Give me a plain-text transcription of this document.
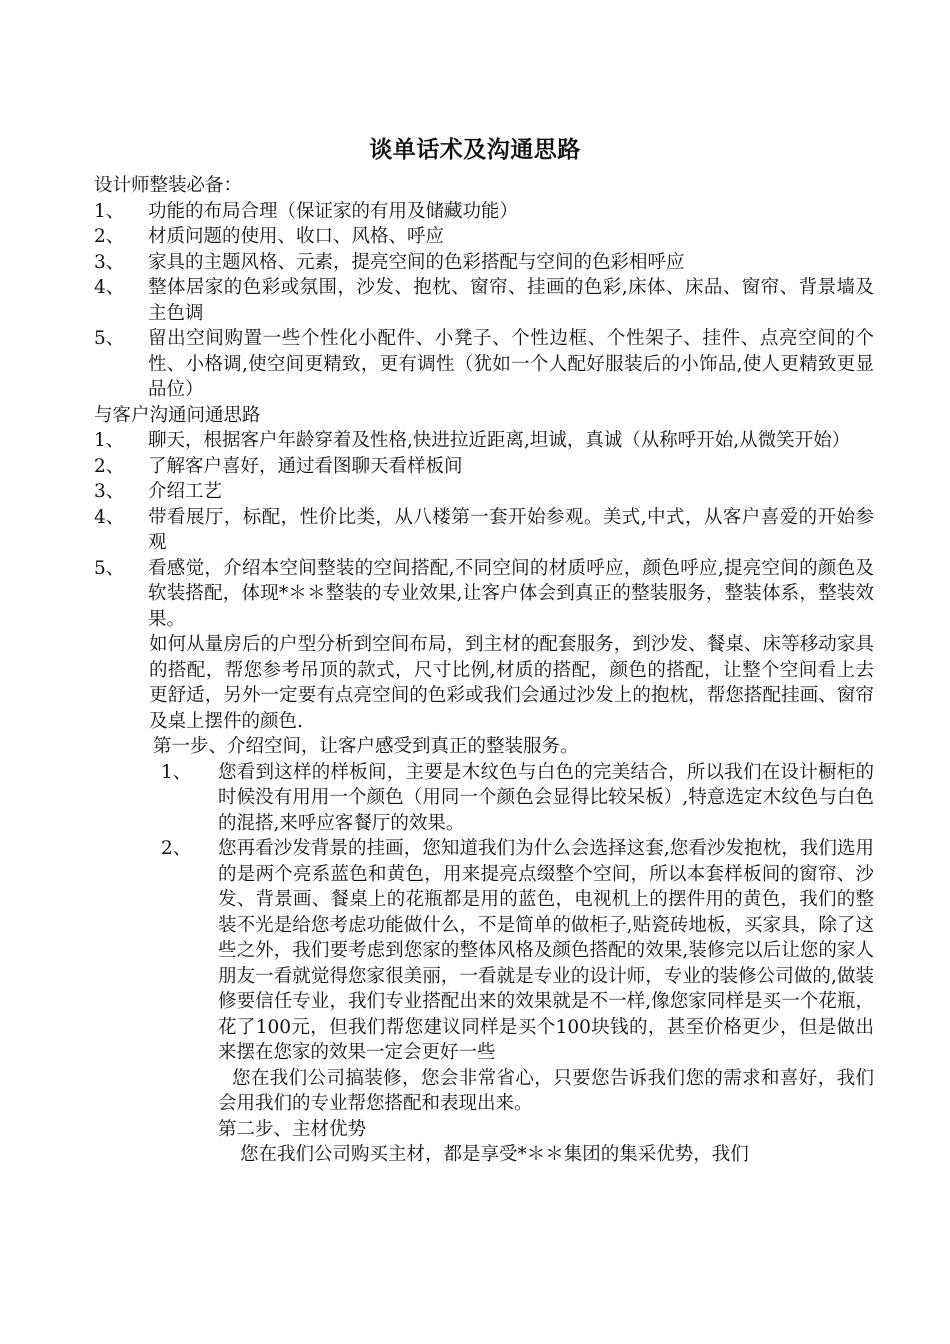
谈单话术及沟通思路

设计师整装必备：

1、	功能的布局合理（保证家的有用及储藏功能）
2、	材质问题的使用、收口、风格、呼应
3、	家具的主题风格、元素，提亮空间的色彩搭配与空间的色彩相呼应
4、	整体居家的色彩或氛围，沙发、抱枕、窗帘、挂画的色彩,床体、床品、窗帘、背景墙及主色调
5、	留出空间购置一些个性化小配件、小凳子、个性边框、个性架子、挂件、点亮空间的个性、小格调,使空间更精致，更有调性（犹如一个人配好服装后的小饰品,使人更精致更显品位）

与客户沟通问通思路

1、	聊天，根据客户年龄穿着及性格,快进拉近距离,坦诚，真诚（从称呼开始,从微笑开始）
2、	了解客户喜好，通过看图聊天看样板间
3、	介绍工艺
4、	带看展厅，标配，性价比类，从八楼第一套开始参观。美式,中式，从客户喜爱的开始参观
5、	看感觉，介绍本空间整装的空间搭配,不同空间的材质呼应，颜色呼应,提亮空间的颜色及软装搭配，体现*＊＊整装的专业效果,让客户体会到真正的整装服务，整装体系，整装效果。

如何从量房后的户型分析到空间布局，到主材的配套服务，到沙发、餐桌、床等移动家具的搭配，帮您参考吊顶的款式，尺寸比例,材质的搭配，颜色的搭配，让整个空间看上去更舒适，另外一定要有点亮空间的色彩或我们会通过沙发上的抱枕，帮您搭配挂画、窗帘及桌上摆件的颜色.

第一步、介绍空间，让客户感受到真正的整装服务。

1、	您看到这样的样板间，主要是木纹色与白色的完美结合，所以我们在设计橱柜的时候没有用用一个颜色（用同一个颜色会显得比较呆板）,特意选定木纹色与白色的混搭,来呼应客餐厅的效果。
2、	您再看沙发背景的挂画，您知道我们为什么会选择这套,您看沙发抱枕，我们选用的是两个亮系蓝色和黄色，用来提亮点缀整个空间，所以本套样板间的窗帘、沙发、背景画、餐桌上的花瓶都是用的蓝色，电视机上的摆件用的黄色，我们的整装不光是给您考虑功能做什么，不是简单的做柜子,贴瓷砖地板，买家具，除了这些之外，我们要考虑到您家的整体风格及颜色搭配的效果,装修完以后让您的家人朋友一看就觉得您家很美丽，一看就是专业的设计师，专业的装修公司做的,做装修要信任专业，我们专业搭配出来的效果就是不一样,像您家同样是买一个花瓶，花了100元，但我们帮您建议同样是买个100块钱的，甚至价格更少，但是做出来摆在您家的效果一定会更好一些

您在我们公司搞装修，您会非常省心，只要您告诉我们您的需求和喜好，我们会用我们的专业帮您搭配和表现出来。

第二步、主材优势

您在我们公司购买主材，都是享受*＊＊集团的集采优势，我们
